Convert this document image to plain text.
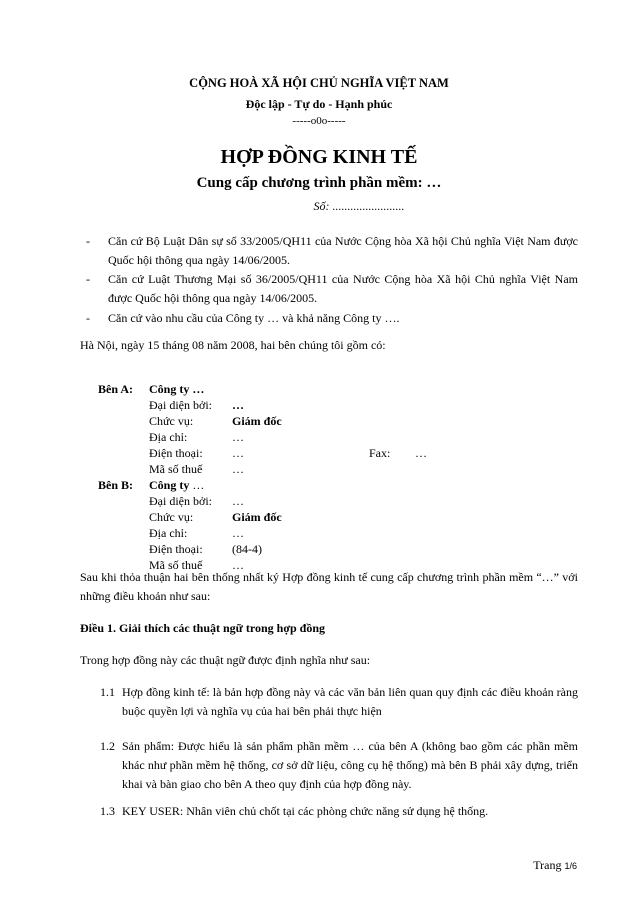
CỘNG HOÀ XÃ HỘI CHỦ NGHĨA VIỆT NAM
Độc lập - Tự do - Hạnh phúc
-----o0o-----
HỢP ĐỒNG KINH TẾ
Cung cấp chương trình phần mềm: …
Số: ........................
- Căn cứ Bộ Luật Dân sự số 33/2005/QH11 của Nước Cộng hòa Xã hội Chủ nghĩa Việt Nam được Quốc hội thông qua ngày 14/06/2005.
- Căn cứ Luật Thương Mại số 36/2005/QH11 của Nước Cộng hòa Xã hội Chủ nghĩa Việt Nam được Quốc hội thông qua ngày 14/06/2005.
- Căn cứ vào nhu cầu của Công ty … và khả năng Công ty ….
Hà Nội, ngày 15 tháng 08 năm 2008, hai bên chúng tôi gồm có:
Bên A:	Công ty …
Đại diện bởi:	…
Chức vụ:	Giám đốc
Địa chỉ:	…
Điện thoại:	…	Fax: …
Mã số thuế	…
Bên B:	Công ty …
Đại diện bởi:	…
Chức vụ:	Giám đốc
Địa chỉ:	…
Điện thoại:	(84-4)
Mã số thuế	…
Sau khi thỏa thuận hai bên thống nhất ký Hợp đồng kinh tế cung cấp chương trình phần mềm “…” với những điều khoản như sau:
Điều 1. Giải thích các thuật ngữ trong hợp đồng
Trong hợp đồng này các thuật ngữ được định nghĩa như sau:
1.1 Hợp đồng kinh tế: là bản hợp đồng này và các văn bản liên quan quy định các điều khoản ràng buộc quyền lợi và nghĩa vụ của hai bên phải thực hiện
1.2 Sản phẩm: Được hiểu là sản phẩm phần mềm … của bên A (không bao gồm các phần mềm khác như phần mềm hệ thống, cơ sở dữ liệu, công cụ hệ thống) mà bên B phải xây dựng, triển khai và bàn giao cho bên A theo quy định của hợp đồng này.
1.3 KEY USER: Nhân viên chủ chốt tại các phòng chức năng sử dụng hệ thống.
Trang 1/6
